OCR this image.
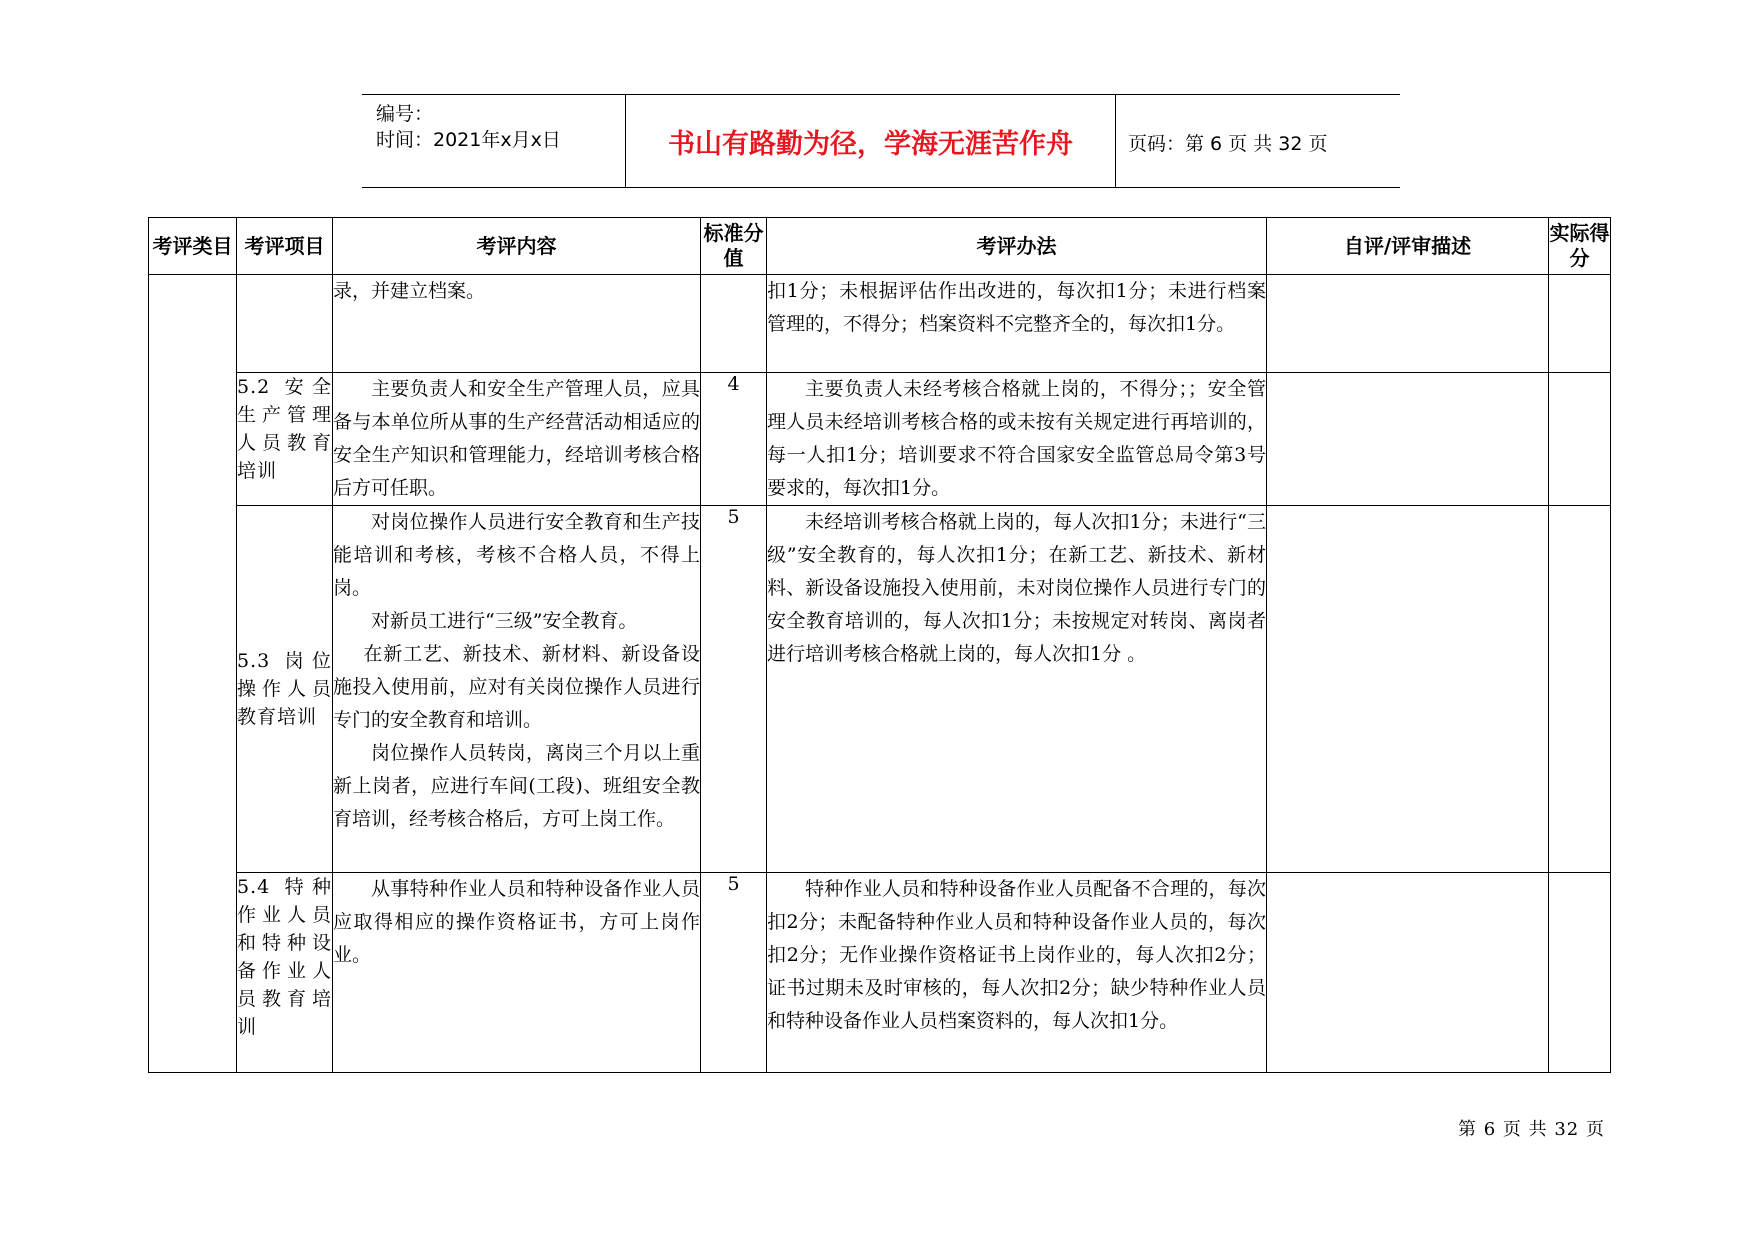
编号：
时间：2021年x月x日	书山有路勤为径，学海无涯苦作舟	页码：第 6 页 共 32 页
考评类目	考评项目	考评内容	标准分值	考评办法	自评/评审描述	实际得分

		录，并建立档案。		扣1分；未根据评估作出改进的，每次扣1分；未进行档案管理的，不得分；档案资料不完整齐全的，每次扣1分。		

	5.2 安全生产管理人员教育培训	主要负责人和安全生产管理人员，应具备与本单位所从事的生产经营活动相适应的安全生产知识和管理能力，经培训考核合格后方可任职。	4	主要负责人未经考核合格就上岗的，不得分；；安全管理人员未经培训考核合格的或未按有关规定进行再培训的，每一人扣1分；培训要求不符合国家安全监管总局令第3号要求的，每次扣1分。		

	5.3 岗位操作人员教育培训	对岗位操作人员进行安全教育和生产技能培训和考核，考核不合格人员，不得上岗。

对新员工进行“三级”安全教育。

在新工艺、新技术、新材料、新设备设施投入使用前，应对有关岗位操作人员进行专门的安全教育和培训。

岗位操作人员转岗，离岗三个月以上重新上岗者，应进行车间(工段)、班组安全教育培训，经考核合格后，方可上岗工作。	5	未经培训考核合格就上岗的，每人次扣1分；未进行“三级”安全教育的，每人次扣1分；在新工艺、新技术、新材料、新设备设施投入使用前，未对岗位操作人员进行专门的安全教育培训的，每人次扣1分；未按规定对转岗、离岗者进行培训考核合格就上岗的，每人次扣1分 。		

	5.4 特种作业人员和特种设备作业人员教育培训	从事特种作业人员和特种设备作业人员应取得相应的操作资格证书，方可上岗作业。	5	特种作业人员和特种设备作业人员配备不合理的，每次扣2分；未配备特种作业人员和特种设备作业人员的，每次扣2分；无作业操作资格证书上岗作业的，每人次扣2分；证书过期未及时审核的，每人次扣2分；缺少特种作业人员和特种设备作业人员档案资料的，每人次扣1分。		

第 6 页 共 32 页
